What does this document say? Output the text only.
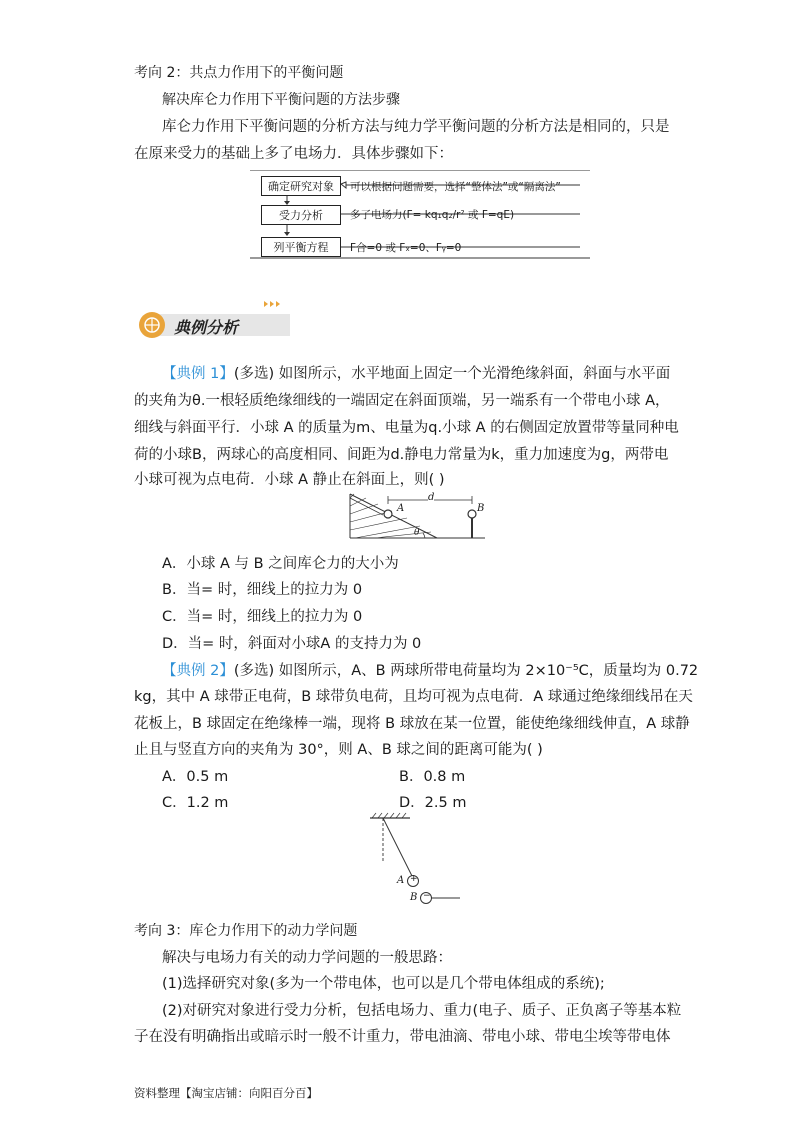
考向 2：共点力作用下的平衡问题
解决库仑力作用下平衡问题的方法步骤
库仑力作用下平衡问题的分析方法与纯力学平衡问题的分析方法是相同的，只是
在原来受力的基础上多了电场力．具体步骤如下：
确定研究对象	可以根据问题需要，选择“整体法”或“隔离法”
受力分析	多了电场力(F= kq₁q₂/r² 或 F=qE)
列平衡方程	F合=0 或 Fₓ=0、Fᵧ=0
典例分析
【典例 1】(多选) 如图所示，水平地面上固定一个光滑绝缘斜面，斜面与水平面
的夹角为θ.一根轻质绝缘细线的一端固定在斜面顶端，另一端系有一个带电小球 A，
细线与斜面平行．小球 A 的质量为m、电量为q.小球 A 的右侧固定放置带等量同种电
荷的小球B，两球心的高度相同、间距为d.静电力常量为k，重力加速度为g，两带电
小球可视为点电荷．小球 A 静止在斜面上，则( )
A	B
d
θ
A．小球 A 与 B 之间库仑力的大小为
B．当= 时，细线上的拉力为 0
C．当= 时，细线上的拉力为 0
D．当= 时，斜面对小球A 的支持力为 0
【典例 2】(多选) 如图所示，A、B 两球所带电荷量均为 2×10⁻⁵C，质量均为 0.72
kg，其中 A 球带正电荷，B 球带负电荷，且均可视为点电荷．A 球通过绝缘细线吊在天
花板上，B 球固定在绝缘棒一端，现将 B 球放在某一位置，能使绝缘细线伸直，A 球静
止且与竖直方向的夹角为 30°，则 A、B 球之间的距离可能为( )
A．0.5 m	B．0.8 m
C．1.2 m	D．2.5 m
+
−
A
B
考向 3：库仑力作用下的动力学问题
解决与电场力有关的动力学问题的一般思路：
(1)选择研究对象(多为一个带电体，也可以是几个带电体组成的系统);
(2)对研究对象进行受力分析，包括电场力、重力(电子、质子、正负离子等基本粒
子在没有明确指出或暗示时一般不计重力，带电油滴、带电小球、带电尘埃等带电体
资料整理【淘宝店铺：向阳百分百】
